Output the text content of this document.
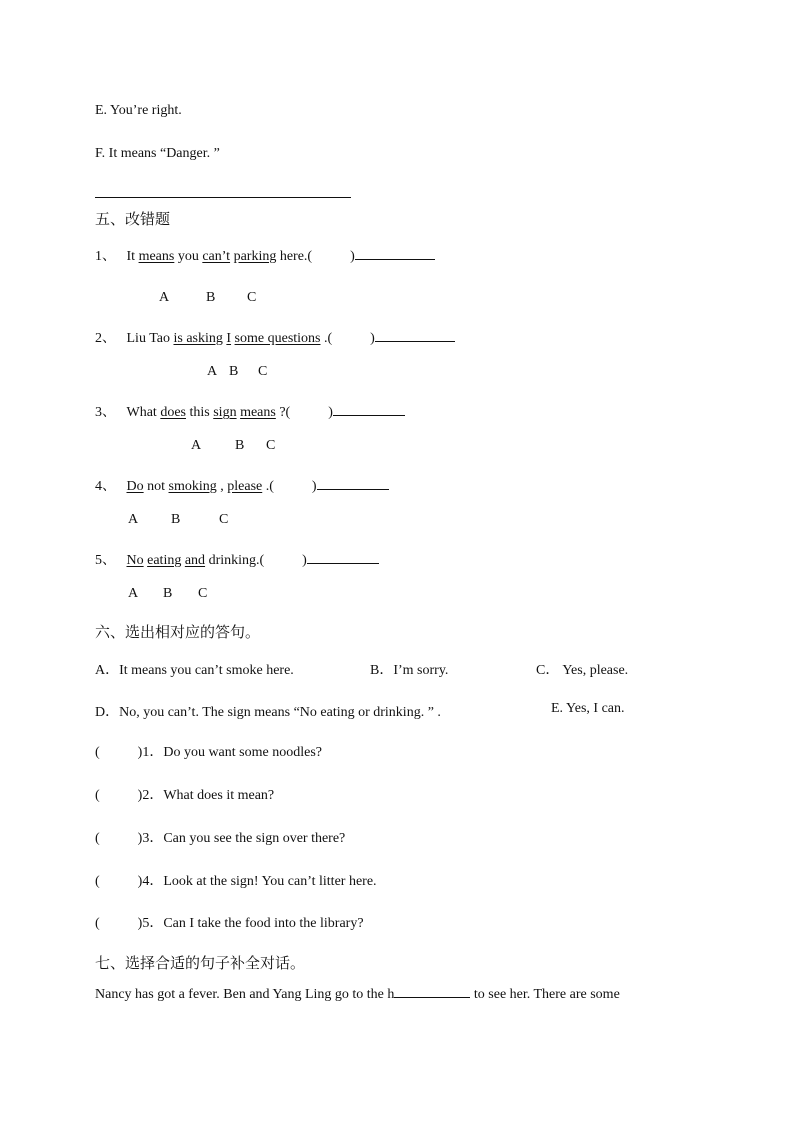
E. You’re right.
F. It means “Danger. ”
五、改错题
1、 It means you can’t parking here.(	)
A	B C
2、 Liu Tao is asking I some questions .(	)
A B C
3、 What does this sign means ?(	)
A B C
4、 Do not smoking , please .(	)
A B	C
5、 No eating and drinking.(	)
A B C
六、选出相对应的答句。
A．It means you can’t smoke here.	B．I’m sorry.	C． Yes, please.
D．No, you can’t. The sign means “No eating or drinking. ” .	E. Yes, I can.
(	)1．Do you want some noodles?
(	)2．What does it mean?
(	)3．Can you see the sign over there?
(	)4．Look at the sign! You can’t litter here.
(	)5．Can I take the food into the library?
七、选择合适的句子补全对话。
Nancy has got a fever. Ben and Yang Ling go to the h	to see her. There are some
